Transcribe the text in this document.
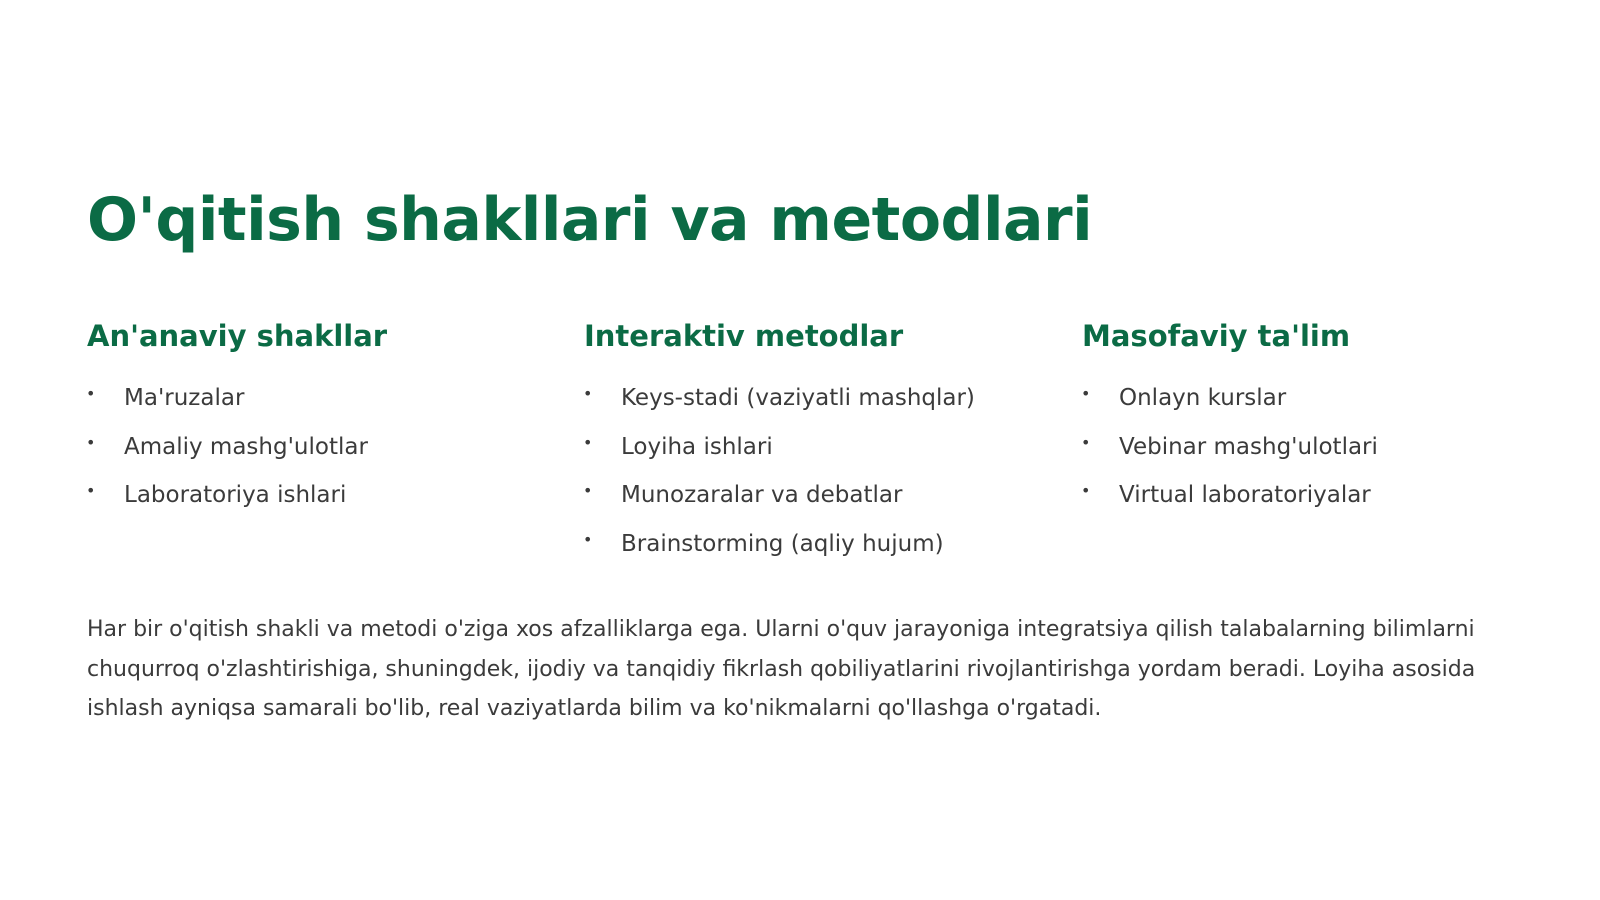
O'qitish shakllari va metodlari
An'anaviy shakllar
• Ma'ruzalar
• Amaliy mashg'ulotlar
• Laboratoriya ishlari
Interaktiv metodlar
• Keys-stadi (vaziyatli mashqlar)
• Loyiha ishlari
• Munozaralar va debatlar
• Brainstorming (aqliy hujum)
Masofaviy ta'lim
• Onlayn kurslar
• Vebinar mashg'ulotlari
• Virtual laboratoriyalar

Har bir o'qitish shakli va metodi o'ziga xos afzalliklarga ega. Ularni o'quv jarayoniga integratsiya qilish talabalarning bilimlarni chuqurroq o'zlashtirishiga, shuningdek, ijodiy va tanqidiy fikrlash qobiliyatlarini rivojlantirishga yordam beradi. Loyiha asosida ishlash ayniqsa samarali bo'lib, real vaziyatlarda bilim va ko'nikmalarni qo'llashga o'rgatadi.
